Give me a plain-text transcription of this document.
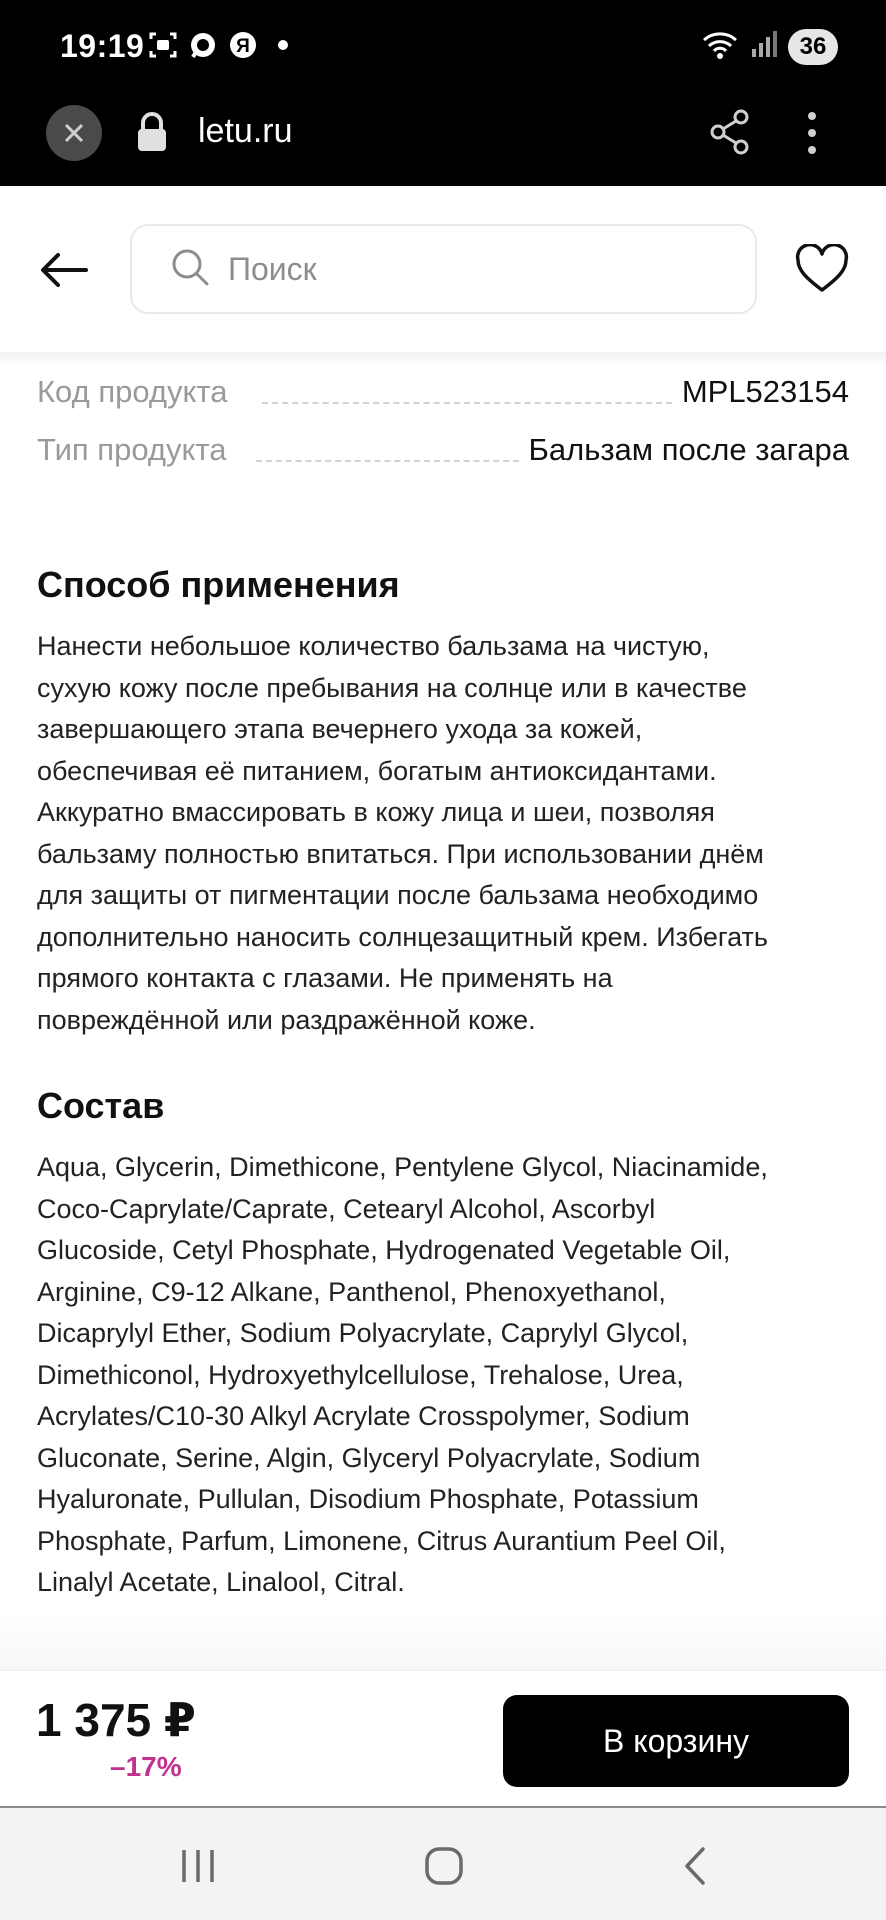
19:19	Я	36
letu.ru
Поиск
Код продукта	MPL523154
Тип продукта	Бальзам после загара
Способ применения
Нанести небольшое количество бальзама на чистую,
сухую кожу после пребывания на солнце или в качестве
завершающего этапа вечернего ухода за кожей,
обеспечивая её питанием, богатым антиоксидантами.
Аккуратно вмассировать в кожу лица и шеи, позволяя
бальзаму полностью впитаться. При использовании днём
для защиты от пигментации после бальзама необходимо
дополнительно наносить солнцезащитный крем. Избегать
прямого контакта с глазами. Не применять на
повреждённой или раздражённой коже.
Состав
Aqua, Glycerin, Dimethicone, Pentylene Glycol, Niacinamide,
Coco-Caprylate/Caprate, Cetearyl Alcohol, Ascorbyl
Glucoside, Cetyl Phosphate, Hydrogenated Vegetable Oil,
Arginine, C9-12 Alkane, Panthenol, Phenoxyethanol,
Dicaprylyl Ether, Sodium Polyacrylate, Caprylyl Glycol,
Dimethiconol, Hydroxyethylcellulose, Trehalose, Urea,
Acrylates/C10-30 Alkyl Acrylate Crosspolymer, Sodium
Gluconate, Serine, Algin, Glyceryl Polyacrylate, Sodium
Hyaluronate, Pullulan, Disodium Phosphate, Potassium
Phosphate, Parfum, Limonene, Citrus Aurantium Peel Oil,
Linalyl Acetate, Linalool, Citral.
1 375 ₽
–17%
В корзину
